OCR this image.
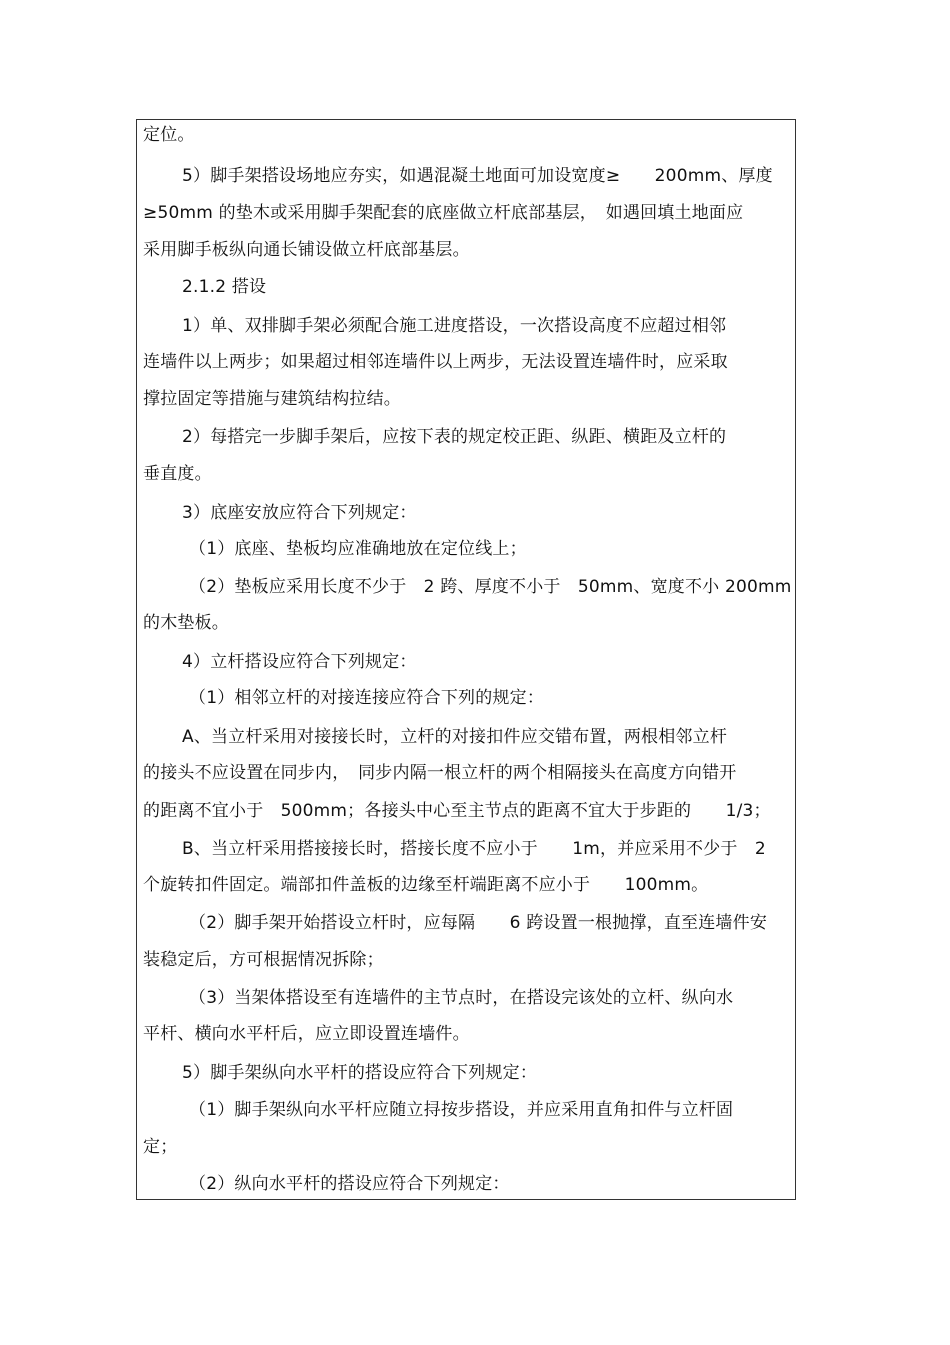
定位。

5）脚手架搭设场地应夯实，如遇混凝土地面可加设宽度≥　　200mm、厚度

≥50mm 的垫木或采用脚手架配套的底座做立杆底部基层，　如遇回填土地面应

采用脚手板纵向通长铺设做立杆底部基层。

2.1.2 搭设

1）单、双排脚手架必须配合施工进度搭设，一次搭设高度不应超过相邻

连墙件以上两步；如果超过相邻连墙件以上两步，无法设置连墙件时，应采取

撑拉固定等措施与建筑结构拉结。

2）每搭完一步脚手架后，应按下表的规定校正距、纵距、横距及立杆的

垂直度。

3）底座安放应符合下列规定：

（1）底座、垫板均应准确地放在定位线上；

（2）垫板应采用长度不少于　2 跨、厚度不小于　50mm、宽度不小 200mm

的木垫板。

4）立杆搭设应符合下列规定：

（1）相邻立杆的对接连接应符合下列的规定：

A、当立杆采用对接接长时，立杆的对接扣件应交错布置，两根相邻立杆

的接头不应设置在同步内，　同步内隔一根立杆的两个相隔接头在高度方向错开

的距离不宜小于　500mm；各接头中心至主节点的距离不宜大于步距的　　1/3；

B、当立杆采用搭接接长时，搭接长度不应小于　　1m，并应采用不少于　2

个旋转扣件固定。端部扣件盖板的边缘至杆端距离不应小于　　100mm。

（2）脚手架开始搭设立杆时，应每隔　　6 跨设置一根抛撑，直至连墙件安

装稳定后，方可根据情况拆除；

（3）当架体搭设至有连墙件的主节点时，在搭设完该处的立杆、纵向水

平杆、横向水平杆后，应立即设置连墙件。

5）脚手架纵向水平杆的搭设应符合下列规定：

（1）脚手架纵向水平杆应随立挦按步搭设，并应采用直角扣件与立杆固

定；

（2）纵向水平杆的搭设应符合下列规定：
